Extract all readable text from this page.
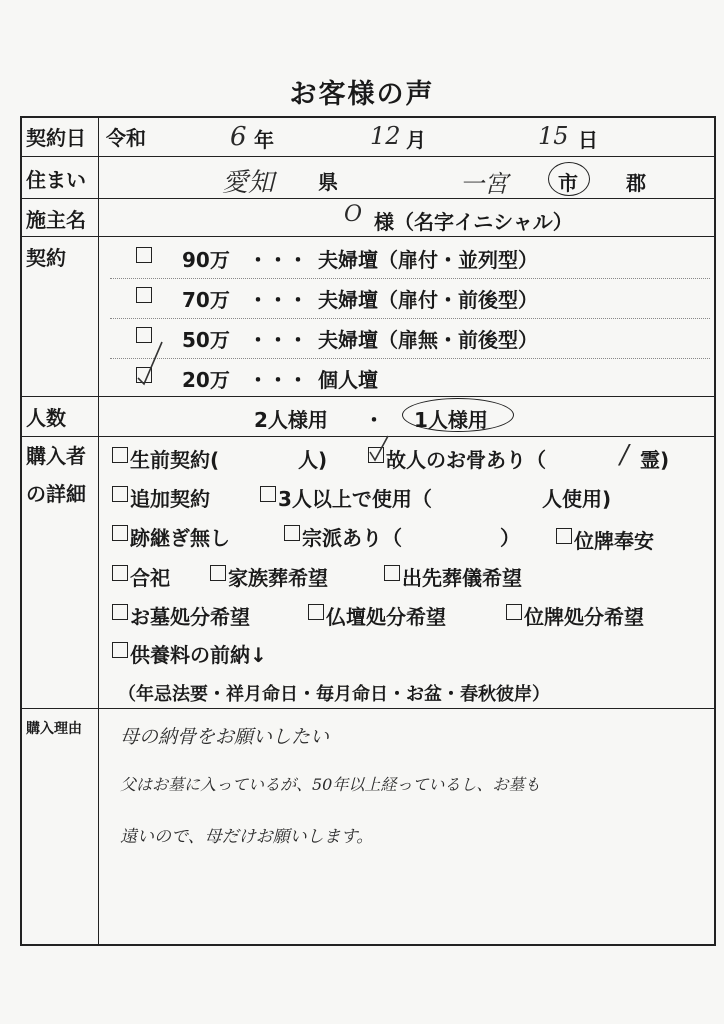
お客様の声
契約日 令和	6 年	12 月	15 日
住まい	愛知 県	一宮	市 郡
施主名	O 様（名字イニシャル）
契約	90万 ・・・ 夫婦壇（扉付・並列型）
70万 ・・・ 夫婦壇（扉付・前後型）
50万 ・・・ 夫婦壇（扉無・前後型）
20万 ・・・ 個人壇
人数	2人様用 ・ 1人様用
購入者
の詳細
生前契約(	人)	故人のお骨あり（	/ 霊)
追加契約	3人以上で使用（	人使用)
跡継ぎ無し	宗派あり（	）	位牌奉安
合祀	家族葬希望	出先葬儀希望
お墓処分希望	仏壇処分希望	位牌処分希望
供養料の前納↓
（年忌法要・祥月命日・毎月命日・お盆・春秋彼岸）
購入理由 母の納骨をお願いしたい
父はお墓に入っているが、50年以上経っているし、お墓も
遠いので、母だけお願いします。
